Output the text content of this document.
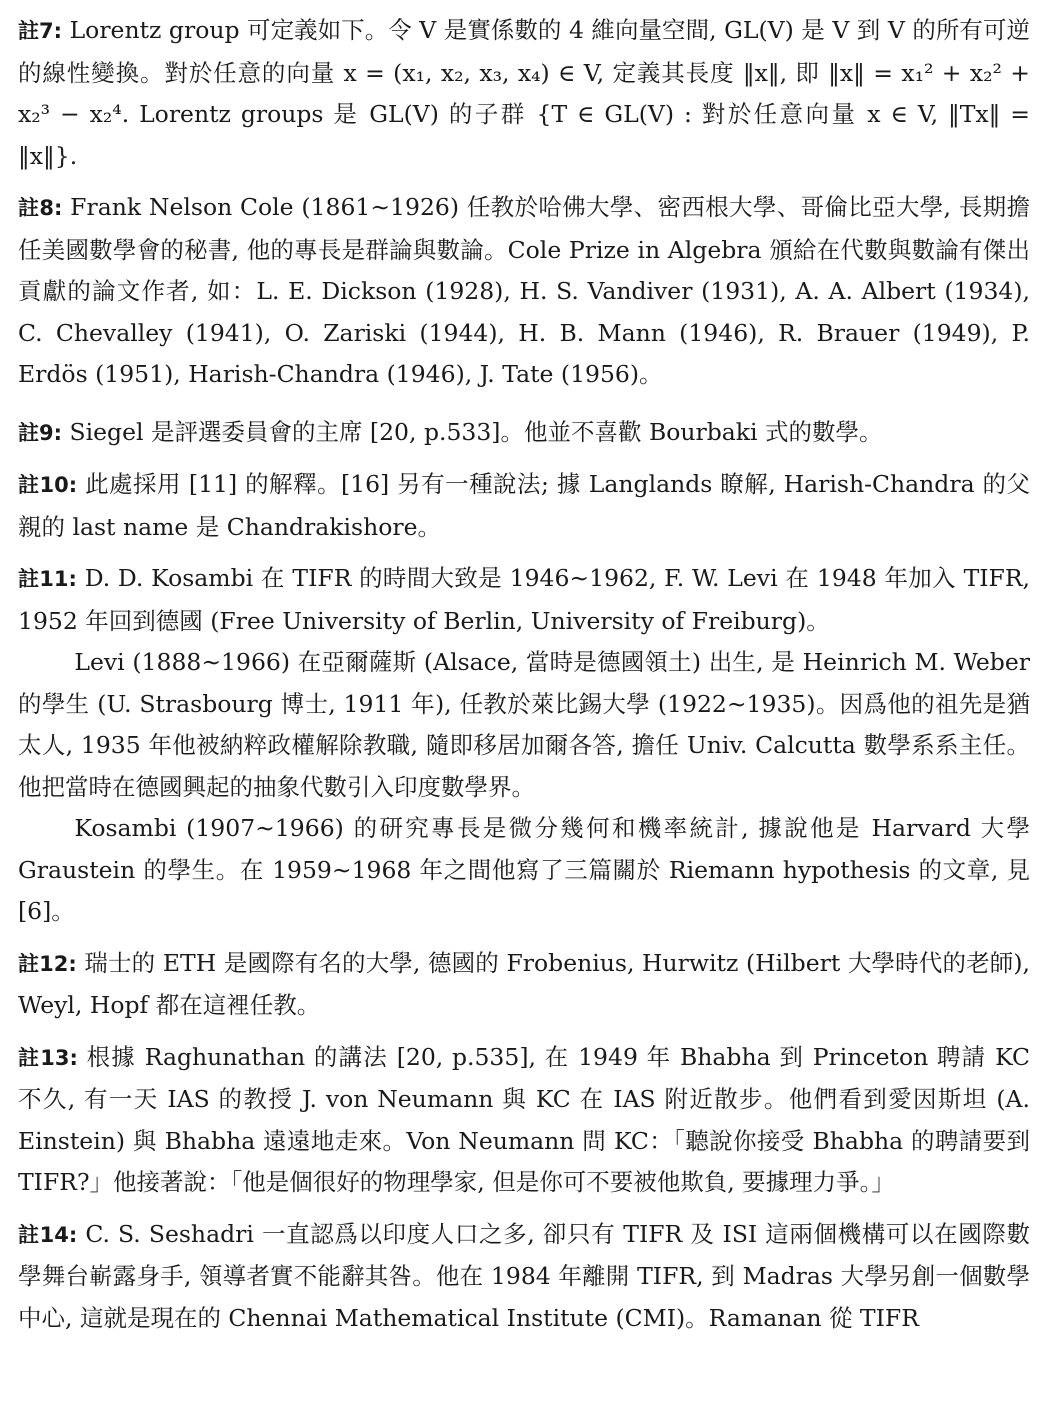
註7: Lorentz group 可定義如下。令 V 是實係數的 4 維向量空間, GL(V) 是 V 到 V 的所有可逆的線性變換。對於任意的向量 x = (x₁, x₂, x₃, x₄) ∈ V, 定義其長度 ‖x‖, 即 ‖x‖ = x₁² + x₂² + x₂³ − x₂⁴. Lorentz groups 是 GL(V) 的子群 {T ∈ GL(V) : 對於任意向量 x ∈ V, ‖Tx‖ = ‖x‖}.

註8: Frank Nelson Cole (1861∼1926) 任教於哈佛大學、密西根大學、哥倫比亞大學, 長期擔任美國數學會的秘書, 他的專長是群論與數論。Cole Prize in Algebra 頒給在代數與數論有傑出貢獻的論文作者, 如：L. E. Dickson (1928), H. S. Vandiver (1931), A. A. Albert (1934), C. Chevalley (1941), O. Zariski (1944), H. B. Mann (1946), R. Brauer (1949), P. Erdös (1951), Harish-Chandra (1946), J. Tate (1956)。

註9: Siegel 是評選委員會的主席 [20, p.533]。他並不喜歡 Bourbaki 式的數學。

註10: 此處採用 [11] 的解釋。[16] 另有一種說法; 據 Langlands 瞭解, Harish-Chandra 的父親的 last name 是 Chandrakishore。

註11: D. D. Kosambi 在 TIFR 的時間大致是 1946∼1962, F. W. Levi 在 1948 年加入 TIFR, 1952 年回到德國 (Free University of Berlin, University of Freiburg)。

Levi (1888∼1966) 在亞爾薩斯 (Alsace, 當時是德國領土) 出生, 是 Heinrich M. Weber 的學生 (U. Strasbourg 博士, 1911 年), 任教於萊比錫大學 (1922∼1935)。因爲他的祖先是猶太人, 1935 年他被納粹政權解除教職, 隨即移居加爾各答, 擔任 Univ. Calcutta 數學系系主任。他把當時在德國興起的抽象代數引入印度數學界。

Kosambi (1907∼1966) 的研究專長是微分幾何和機率統計, 據說他是 Harvard 大學 Graustein 的學生。在 1959∼1968 年之間他寫了三篇關於 Riemann hypothesis 的文章, 見 [6]。

註12: 瑞士的 ETH 是國際有名的大學, 德國的 Frobenius, Hurwitz (Hilbert 大學時代的老師), Weyl, Hopf 都在這裡任教。

註13: 根據 Raghunathan 的講法 [20, p.535], 在 1949 年 Bhabha 到 Princeton 聘請 KC 不久, 有一天 IAS 的教授 J. von Neumann 與 KC 在 IAS 附近散步。他們看到愛因斯坦 (A. Einstein) 與 Bhabha 遠遠地走來。Von Neumann 問 KC：「聽說你接受 Bhabha 的聘請要到 TIFR?」他接著說：「他是個很好的物理學家, 但是你可不要被他欺負, 要據理力爭。」

註14: C. S. Seshadri 一直認爲以印度人口之多, 卻只有 TIFR 及 ISI 這兩個機構可以在國際數學舞台嶄露身手, 領導者實不能辭其咎。他在 1984 年離開 TIFR, 到 Madras 大學另創一個數學中心, 這就是現在的 Chennai Mathematical Institute (CMI)。Ramanan 從 TIFR
